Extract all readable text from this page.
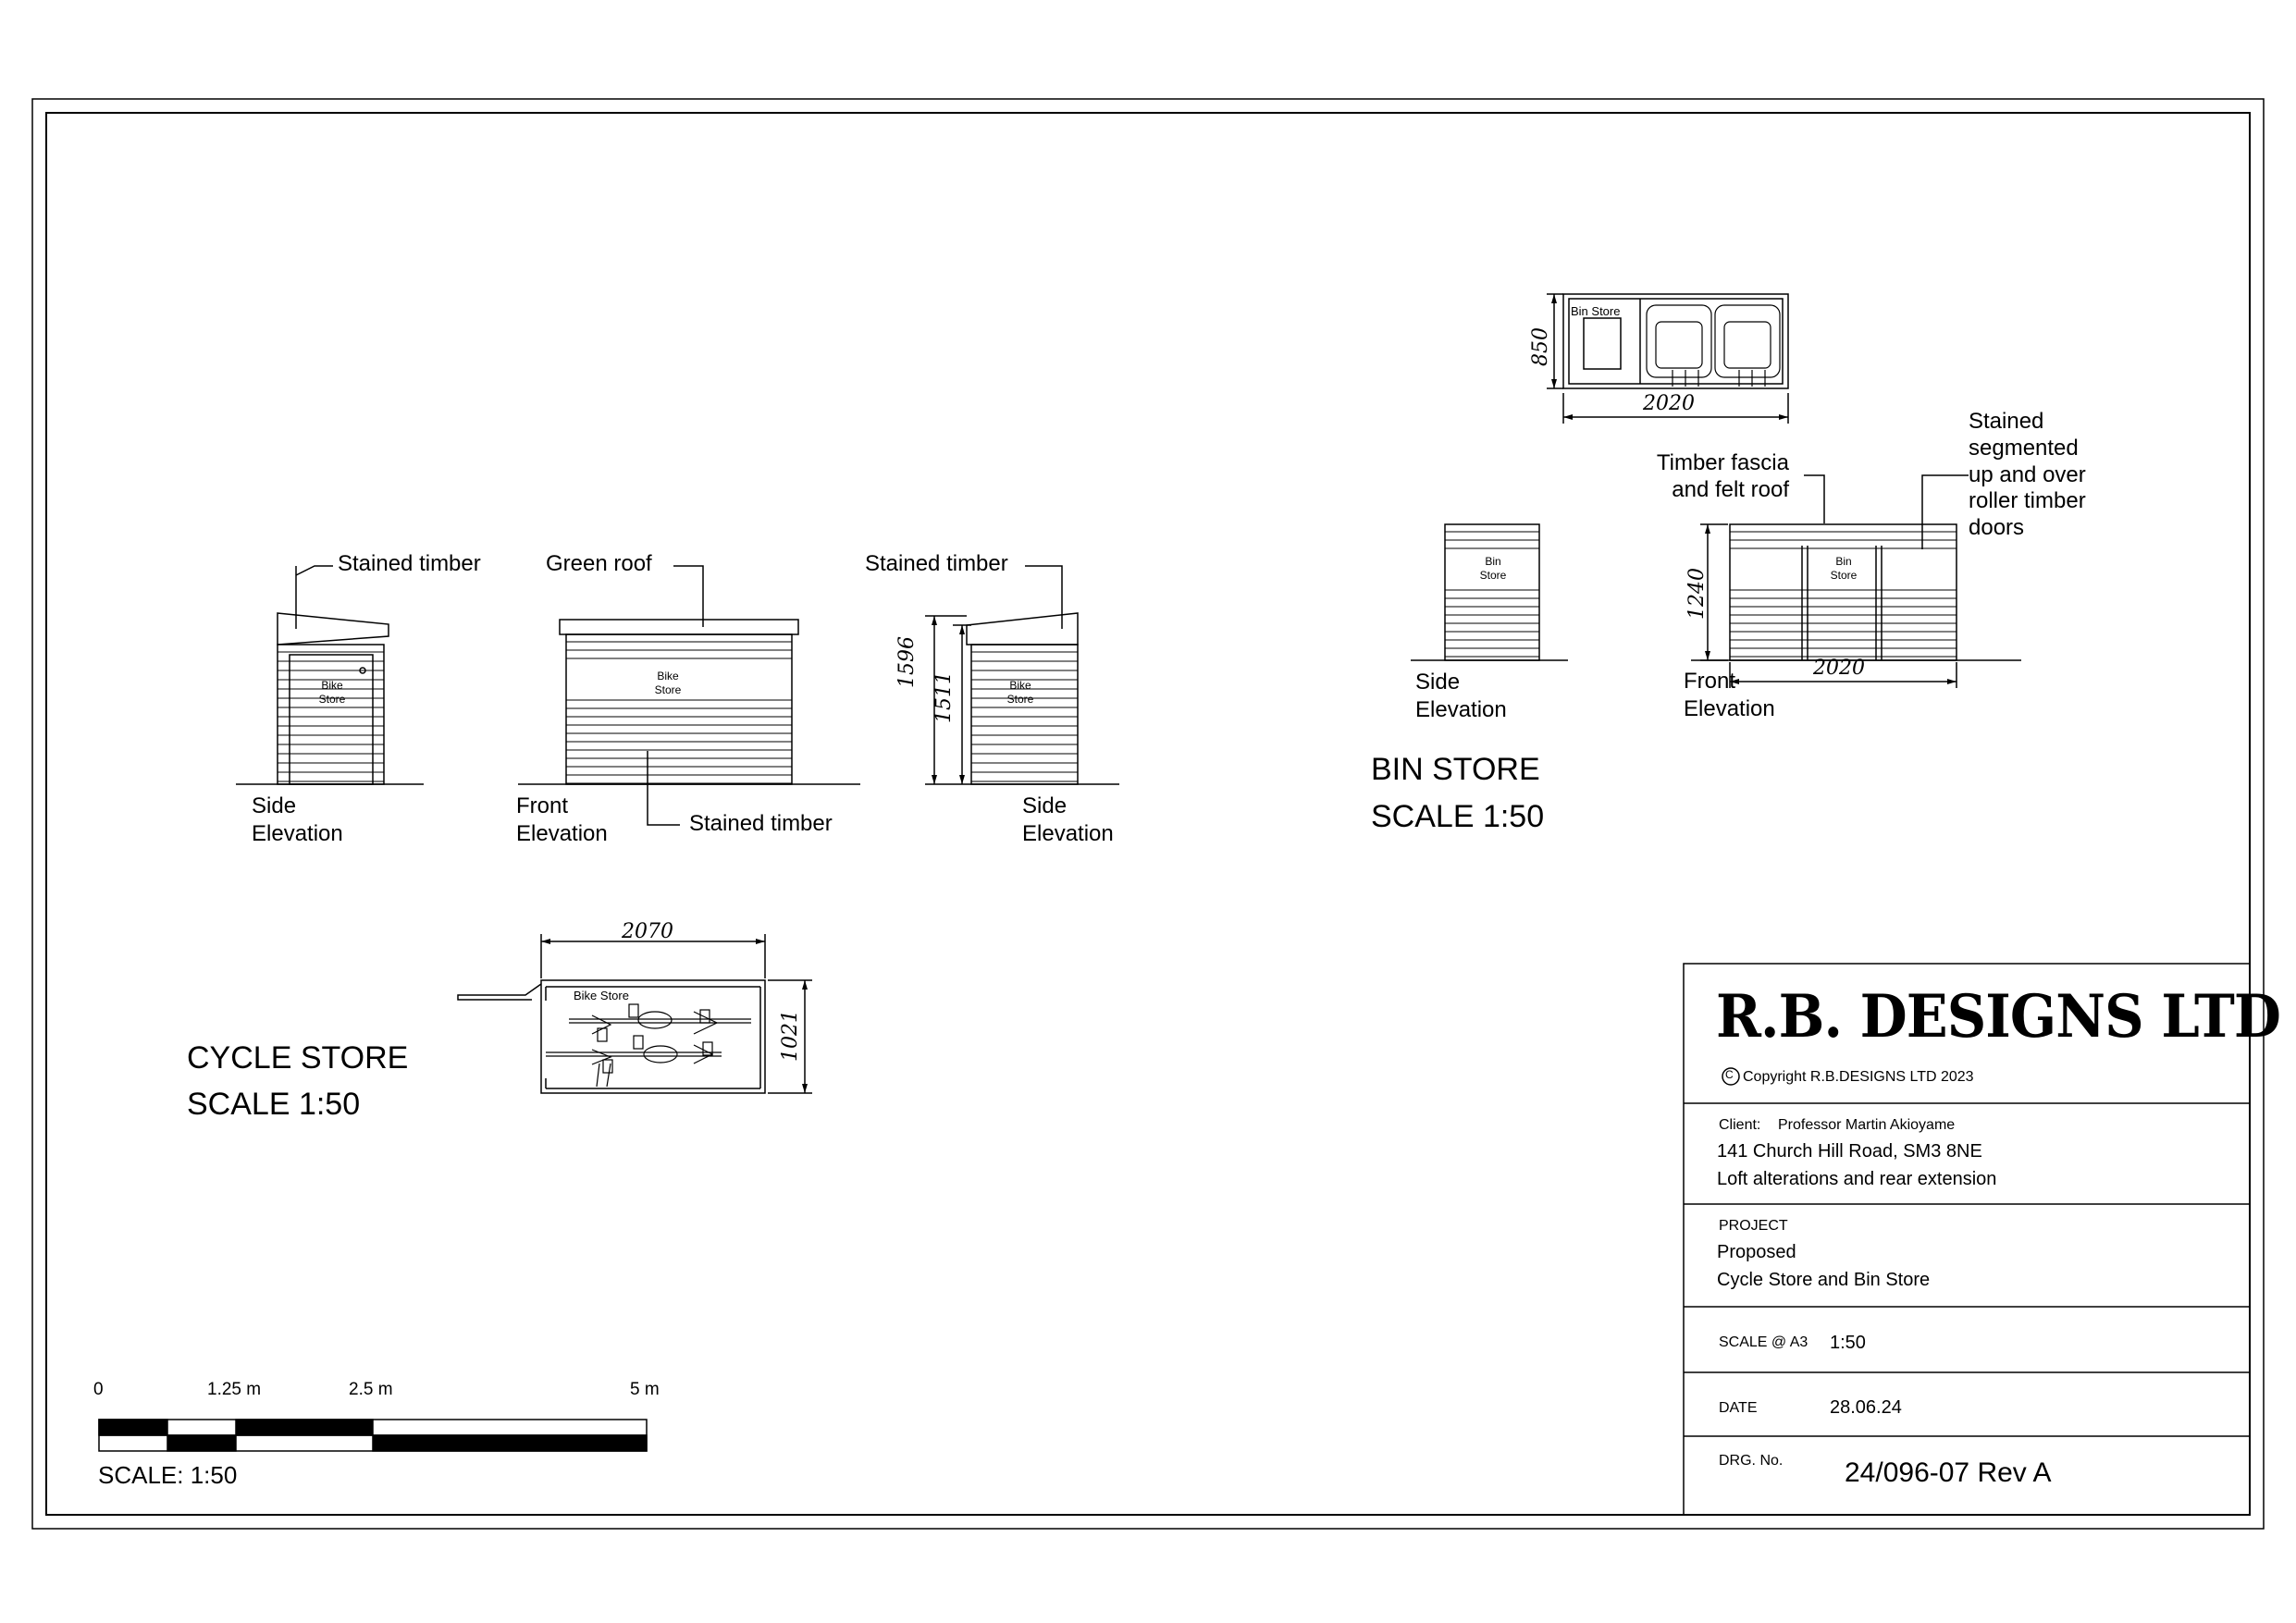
Stained timber
Side
Elevation
Bike
Store
Green roof
Stained timber
Front
Elevation
Bike
Store
Stained timber
Side
Elevation
Bike
Store
1596
1511
2070
1021
Bike Store
CYCLE STORE
SCALE 1:50
Bin Store
850
2020
Bin
Store
Side
Elevation
Timber fascia
and felt roof
Stained
segmented
up and over
roller timber
doors
Bin
Store
1240
2020
Front
Elevation
BIN STORE
SCALE 1:50
0	1.25 m	2.5 m	5 m
SCALE: 1:50
R.B. DESIGNS LTD
C Copyright R.B.DESIGNS LTD 2023
Client: Professor Martin Akioyame
141 Church Hill Road, SM3 8NE
Loft alterations and rear extension
PROJECT
Proposed
Cycle Store and Bin Store
SCALE @ A3 1:50
DATE	28.06.24
DRG. No. 24/096-07 Rev A
